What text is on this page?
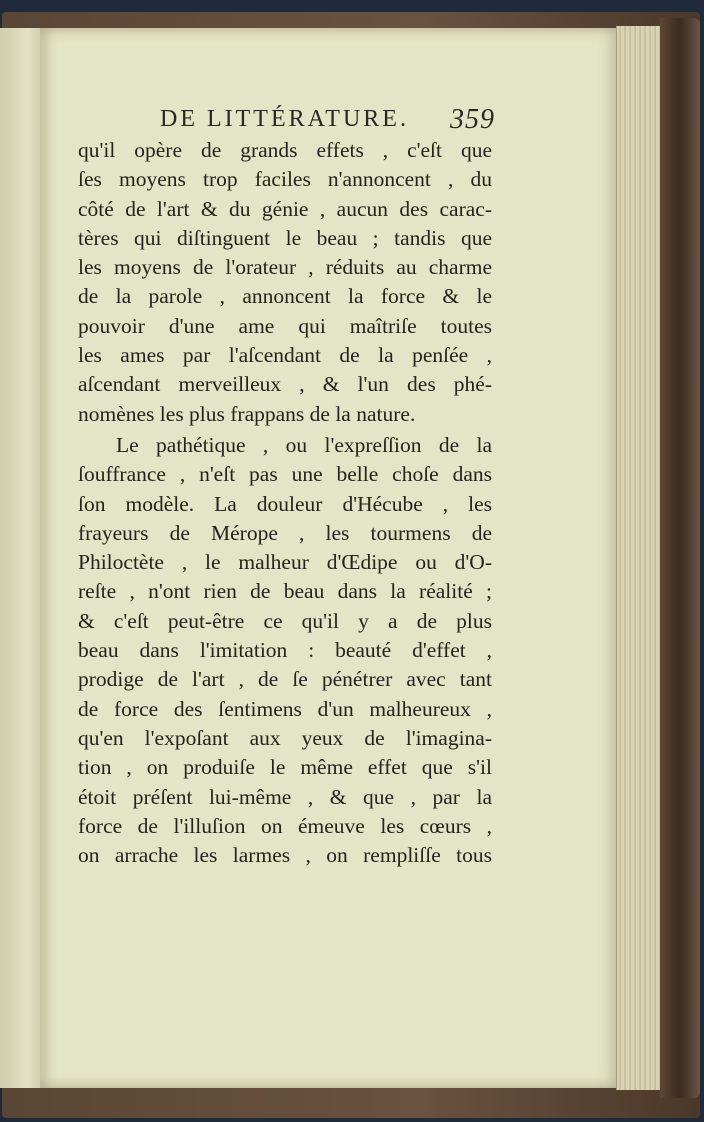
DE LITTÉRATURE. 359
qu'il opère de grands effets , c'eſt que
ſes moyens trop faciles n'annoncent , du
côté de l'art & du génie , aucun des carac-
tères qui diſtinguent le beau ; tandis que
les moyens de l'orateur , réduits au charme
de la parole , annoncent la force & le
pouvoir d'une ame qui maîtriſe toutes
les ames par l'aſcendant de la penſée ,
aſcendant merveilleux , & l'un des phé-
nomènes les plus frappans de la nature.
Le pathétique , ou l'expreſſion de la
ſouffrance , n'eſt pas une belle choſe dans
ſon modèle. La douleur d'Hécube , les
frayeurs de Mérope , les tourmens de
Philoctète , le malheur d'Œdipe ou d'O-
reſte , n'ont rien de beau dans la réalité ;
& c'eſt peut-être ce qu'il y a de plus
beau dans l'imitation : beauté d'effet ,
prodige de l'art , de ſe pénétrer avec tant
de force des ſentimens d'un malheureux ,
qu'en l'expoſant aux yeux de l'imagina-
tion , on produiſe le même effet que s'il
étoit préſent lui-même , & que , par la
force de l'illuſion on émeuve les cœurs ,
on arrache les larmes , on rempliſſe tous
